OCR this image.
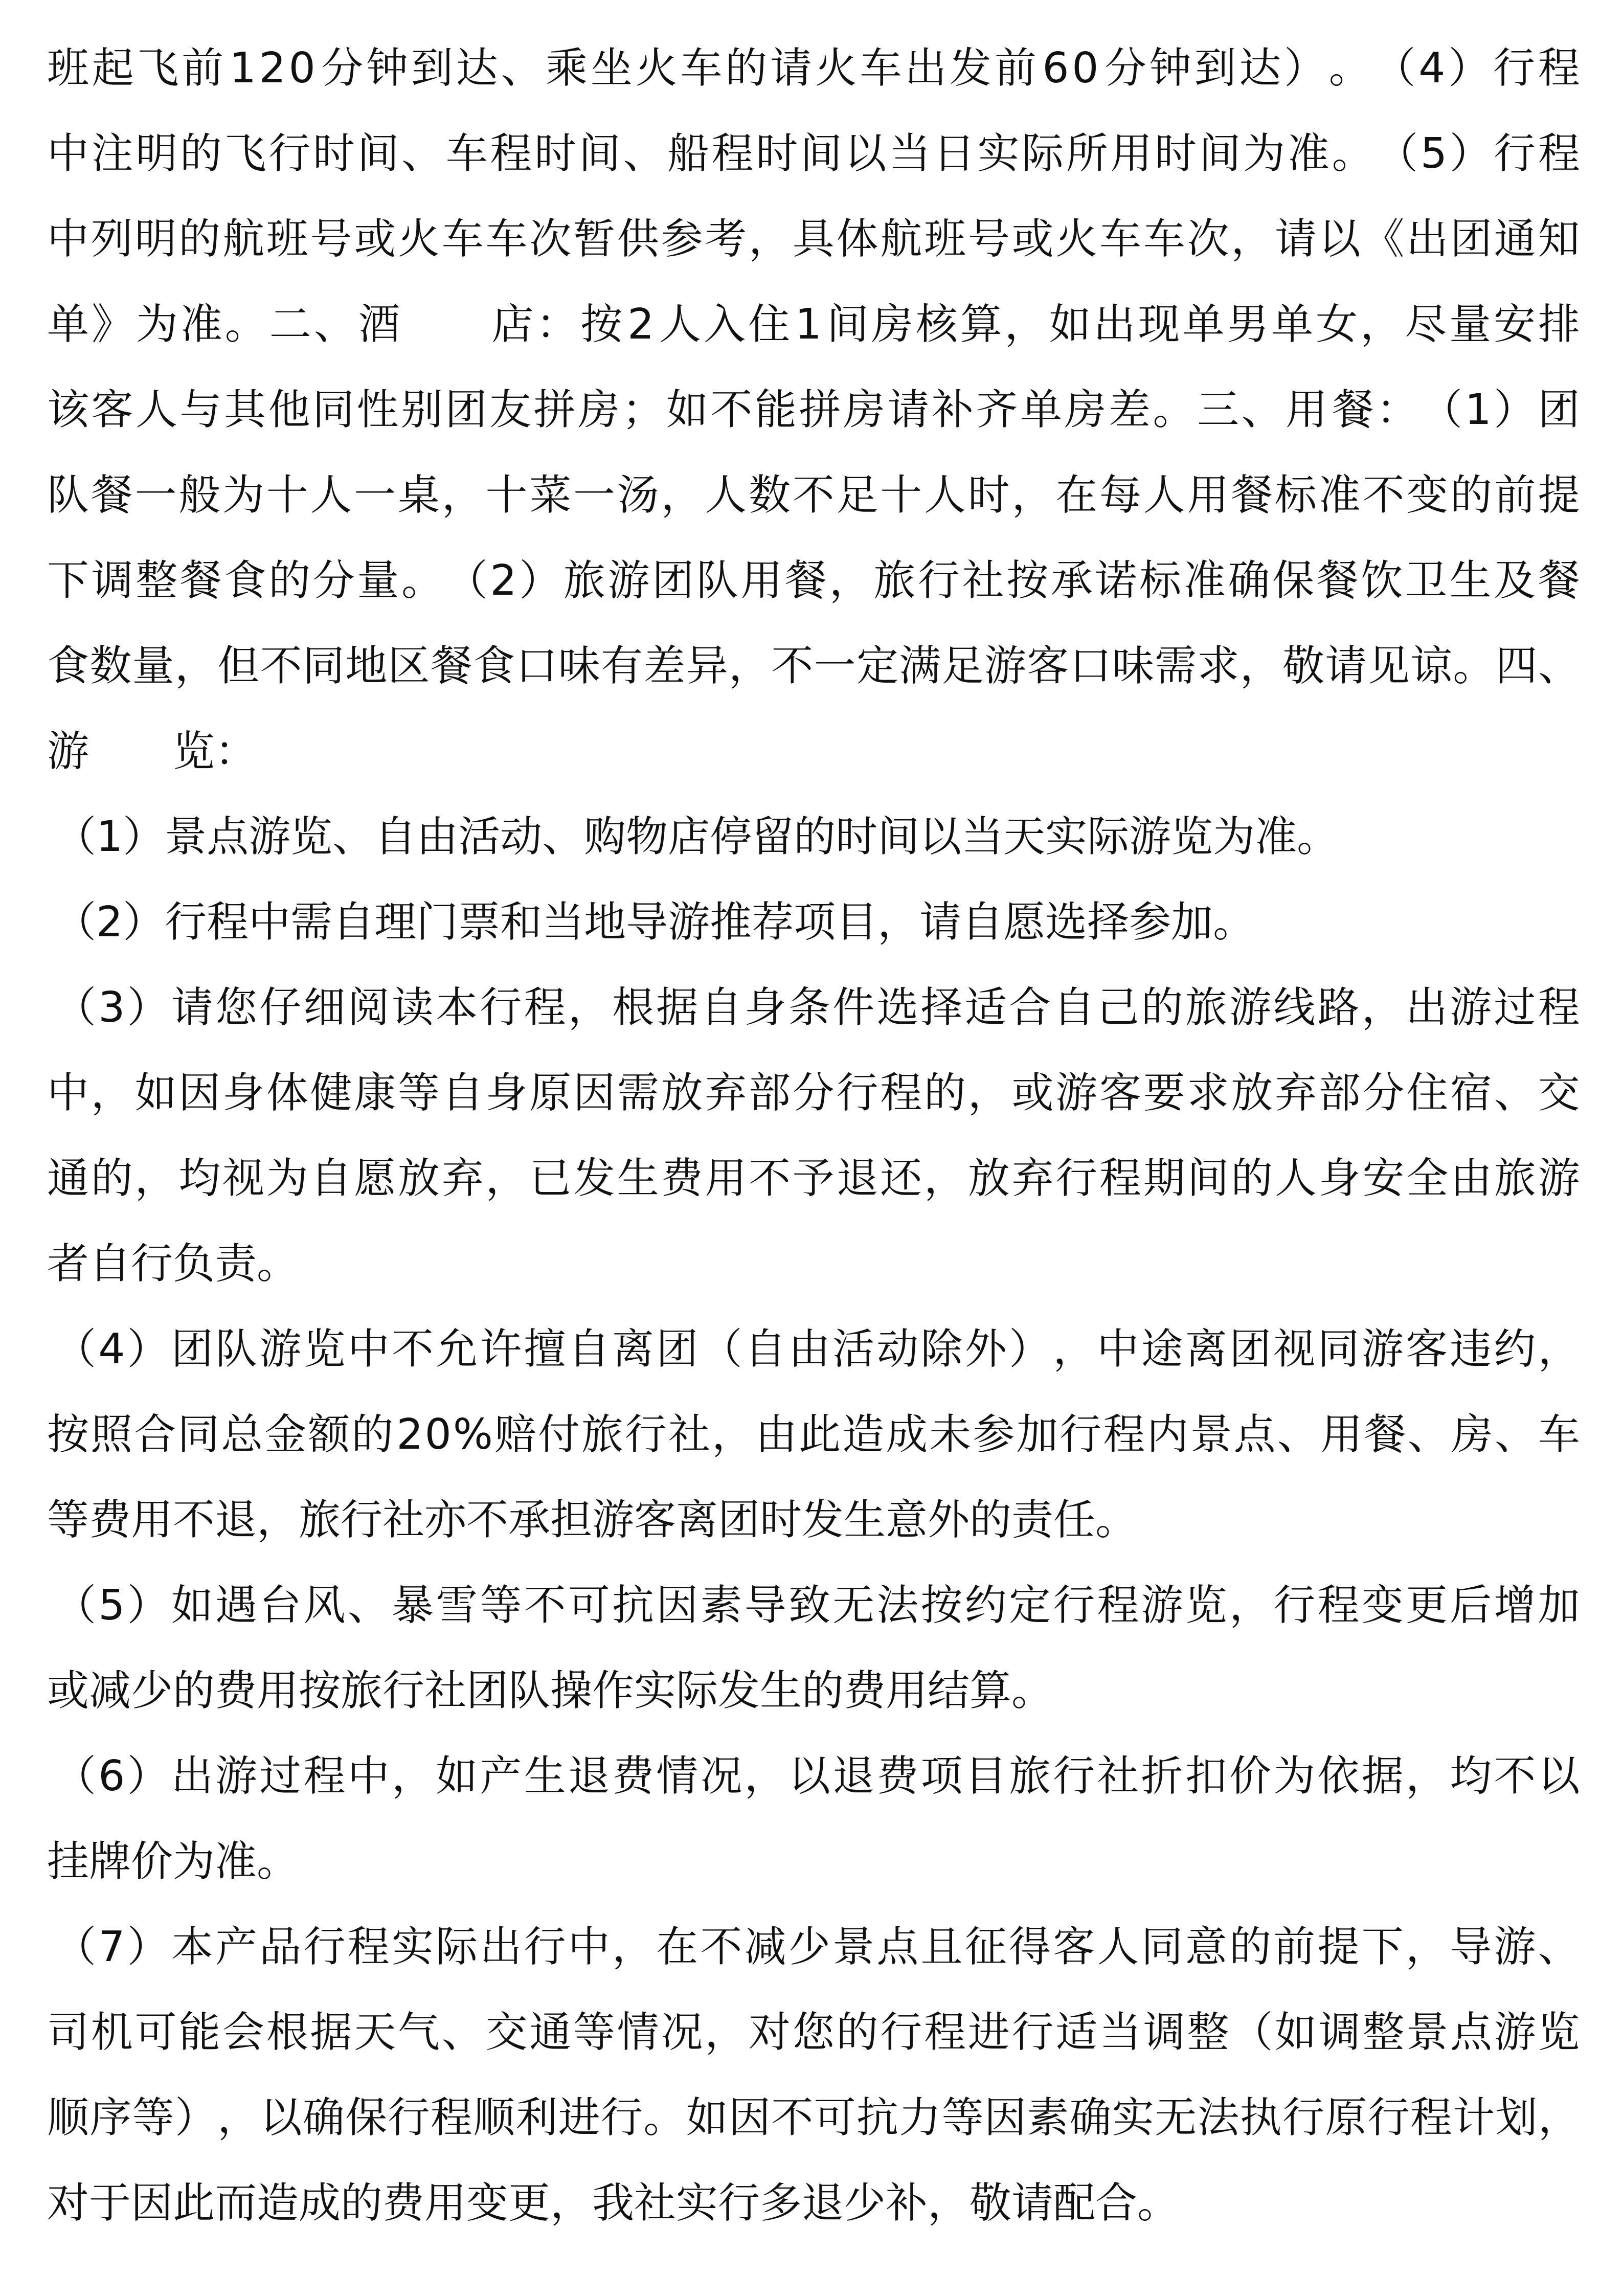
班 起 飞 前 1 2 0 分 钟 到 达 、 乘 坐 火 车 的 请 火 车 出 发 前 6 0 分 钟 到 达 ） 。 （ 4 ） 行 程
中 注 明 的 飞 行 时 间 、 车 程 时 间 、 船 程 时 间 以 当 日 实 际 所 用 时 间 为 准 。 （ 5 ） 行 程
中 列 明 的 航 班 号 或 火 车 车 次 暂 供 参 考 ， 具 体 航 班 号 或 火 车 车 次 ， 请 以 《 出 团 通 知
单 》 为 准 。 二 、 酒

　 店 ： 按 2 人 入 住 1 间 房 核 算 ， 如 出 现 单 男 单 女 ， 尽 量 安 排
该 客 人 与 其 他 同 性 别 团 友 拼 房 ； 如 不 能 拼 房 请 补 齐 单 房 差 。 三 、 用 餐 ： （ 1 ） 团
队 餐 一 般 为 十 人 一 桌 ， 十 菜 一 汤 ， 人 数 不 足 十 人 时 ， 在 每 人 用 餐 标 准 不 变 的 前 提
下 调 整 餐 食 的 分 量 。 （ 2 ） 旅 游 团 队 用 餐 ， 旅 行 社 按 承 诺 标 准 确 保 餐 饮 卫 生 及 餐
食 数 量 ， 但 不 同 地 区 餐 食 口 味 有 差 异 ， 不 一 定 满 足 游 客 口 味 需 求 ， 敬 请 见 谅 。 四 、
游　　览：
（1）景点游览、自由活动、购物店停留的时间以当天实际游览为准。
（2）行程中需自理门票和当地导游推荐项目，请自愿选择参加。
（ 3 ） 请 您 仔 细 阅 读 本 行 程 ， 根 据 自 身 条 件 选 择 适 合 自 己 的 旅 游 线 路 ， 出 游 过 程
中 ， 如 因 身 体 健 康 等 自 身 原 因 需 放 弃 部 分 行 程 的 ， 或 游 客 要 求 放 弃 部 分 住 宿 、 交
通 的 ， 均 视 为 自 愿 放 弃 ， 已 发 生 费 用 不 予 退 还 ， 放 弃 行 程 期 间 的 人 身 安 全 由 旅 游
者自行负责。
（ 4 ） 团 队 游 览 中 不 允 许 擅 自 离 团 （ 自 由 活 动 除 外 ） ， 中 途 离 团 视 同 游 客 违 约 ，
按 照 合 同 总 金 额 的 2 0 % 赔 付 旅 行 社 ， 由 此 造 成 未 参 加 行 程 内 景 点 、 用 餐 、 房 、 车
等费用不退，旅行社亦不承担游客离团时发生意外的责任。
（ 5 ） 如 遇 台 风 、 暴 雪 等 不 可 抗 因 素 导 致 无 法 按 约 定 行 程 游 览 ， 行 程 变 更 后 增 加
或减少的费用按旅行社团队操作实际发生的费用结算。
（ 6 ） 出 游 过 程 中 ， 如 产 生 退 费 情 况 ， 以 退 费 项 目 旅 行 社 折 扣 价 为 依 据 ， 均 不 以
挂牌价为准。
（ 7 ） 本 产 品 行 程 实 际 出 行 中 ， 在 不 减 少 景 点 且 征 得 客 人 同 意 的 前 提 下 ， 导 游 、
司 机 可 能 会 根 据 天 气 、 交 通 等 情 况 ， 对 您 的 行 程 进 行 适 当 调 整 （ 如 调 整 景 点 游 览
顺 序 等 ） ， 以 确 保 行 程 顺 利 进 行 。 如 因 不 可 抗 力 等 因 素 确 实 无 法 执 行 原 行 程 计 划 ，
对于因此而造成的费用变更，我社实行多退少补，敬请配合。
